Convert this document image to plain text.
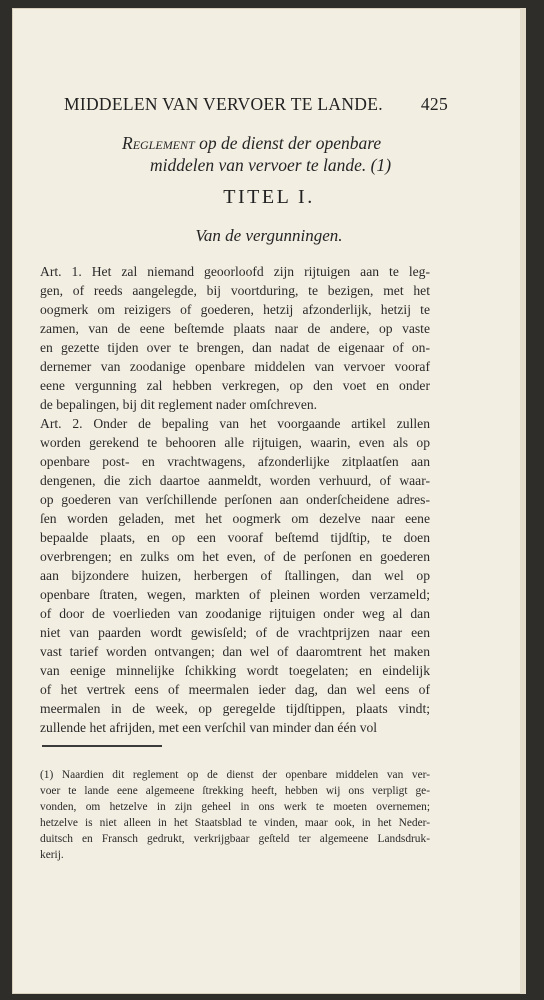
MIDDELEN VAN VERVOER TE LANDE. 425
Reglement op de dienst der openbare
middelen van vervoer te lande. (1)
TITEL I.
Van de vergunningen.
Art. 1. Het zal niemand geoorloofd zijn rijtuigen aan te leg-
gen, of reeds aangelegde, bij voortduring, te bezigen, met het
oogmerk om reizigers of goederen, hetzij afzonderlijk, hetzij te
zamen, van de eene beſtemde plaats naar de andere, op vaste
en gezette tijden over te brengen, dan nadat de eigenaar of on-
dernemer van zoodanige openbare middelen van vervoer vooraf
eene vergunning zal hebben verkregen, op den voet en onder
de bepalingen, bij dit reglement nader omſchreven.
Art. 2. Onder de bepaling van het voorgaande artikel zullen
worden gerekend te behooren alle rijtuigen, waarin, even als op
openbare post- en vrachtwagens, afzonderlijke zitplaatſen aan
dengenen, die zich daartoe aanmeldt, worden verhuurd, of waar-
op goederen van verſchillende perſonen aan onderſcheidene adres-
ſen worden geladen, met het oogmerk om dezelve naar eene
bepaalde plaats, en op een vooraf beſtemd tijdſtip, te doen
overbrengen; en zulks om het even, of de perſonen en goederen
aan bijzondere huizen, herbergen of ſtallingen, dan wel op
openbare ſtraten, wegen, markten of pleinen worden verzameld;
of door de voerlieden van zoodanige rijtuigen onder weg al dan
niet van paarden wordt gewisſeld; of de vrachtprijzen naar een
vast tarief worden ontvangen; dan wel of daaromtrent het maken
van eenige minnelijke ſchikking wordt toegelaten; en eindelijk
of het vertrek eens of meermalen ieder dag, dan wel eens of
meermalen in de week, op geregelde tijdſtippen, plaats vindt;
zullende het afrijden, met een verſchil van minder dan één vol
(1) Naardien dit reglement op de dienst der openbare middelen van ver-
voer te lande eene algemeene ſtrekking heeft, hebben wij ons verpligt ge-
vonden, om hetzelve in zijn geheel in ons werk te moeten overnemen;
hetzelve is niet alleen in het Staatsblad te vinden, maar ook, in het Neder-
duitsch en Fransch gedrukt, verkrijgbaar geſteld ter algemeene Landsdruk-
kerij.
